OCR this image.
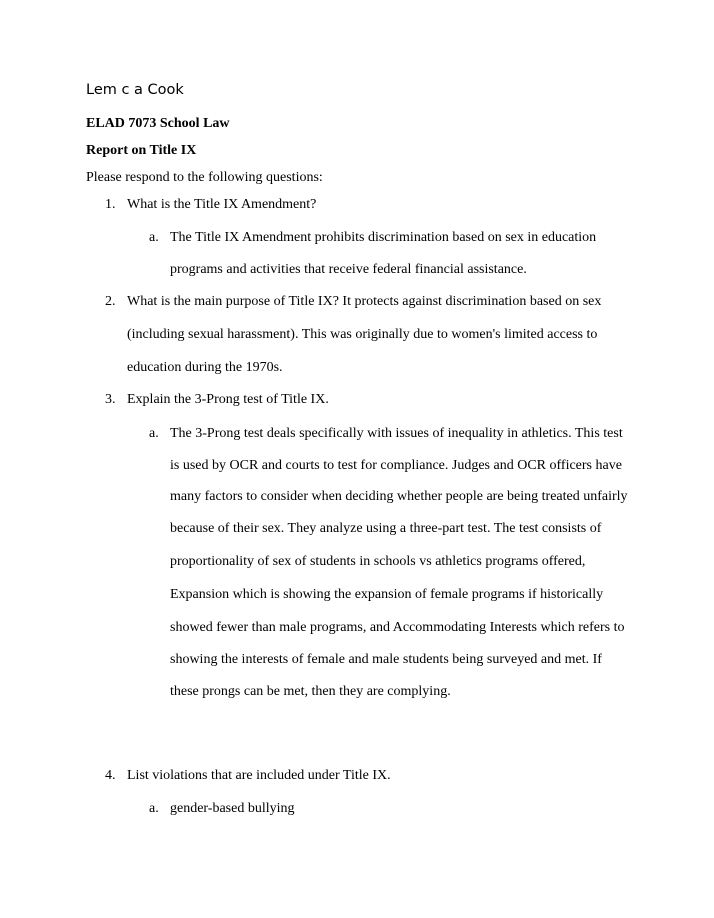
Lem c a Cook
ELAD 7073 School Law
Report on Title IX
Please respond to the following questions:
1. What is the Title IX Amendment?
a. The Title IX Amendment prohibits discrimination based on sex in education
programs and activities that receive federal financial assistance.
2. What is the main purpose of Title IX? It protects against discrimination based on sex
(including sexual harassment). This was originally due to women's limited access to
education during the 1970s.
3. Explain the 3-Prong test of Title IX.
a. The 3-Prong test deals specifically with issues of inequality in athletics. This test
is used by OCR and courts to test for compliance. Judges and OCR officers have
many factors to consider when deciding whether people are being treated unfairly
because of their sex. They analyze using a three-part test. The test consists of
proportionality of sex of students in schools vs athletics programs offered,
Expansion which is showing the expansion of female programs if historically
showed fewer than male programs, and Accommodating Interests which refers to
showing the interests of female and male students being surveyed and met. If
these prongs can be met, then they are complying.
4. List violations that are included under Title IX.
a. gender-based bullying
